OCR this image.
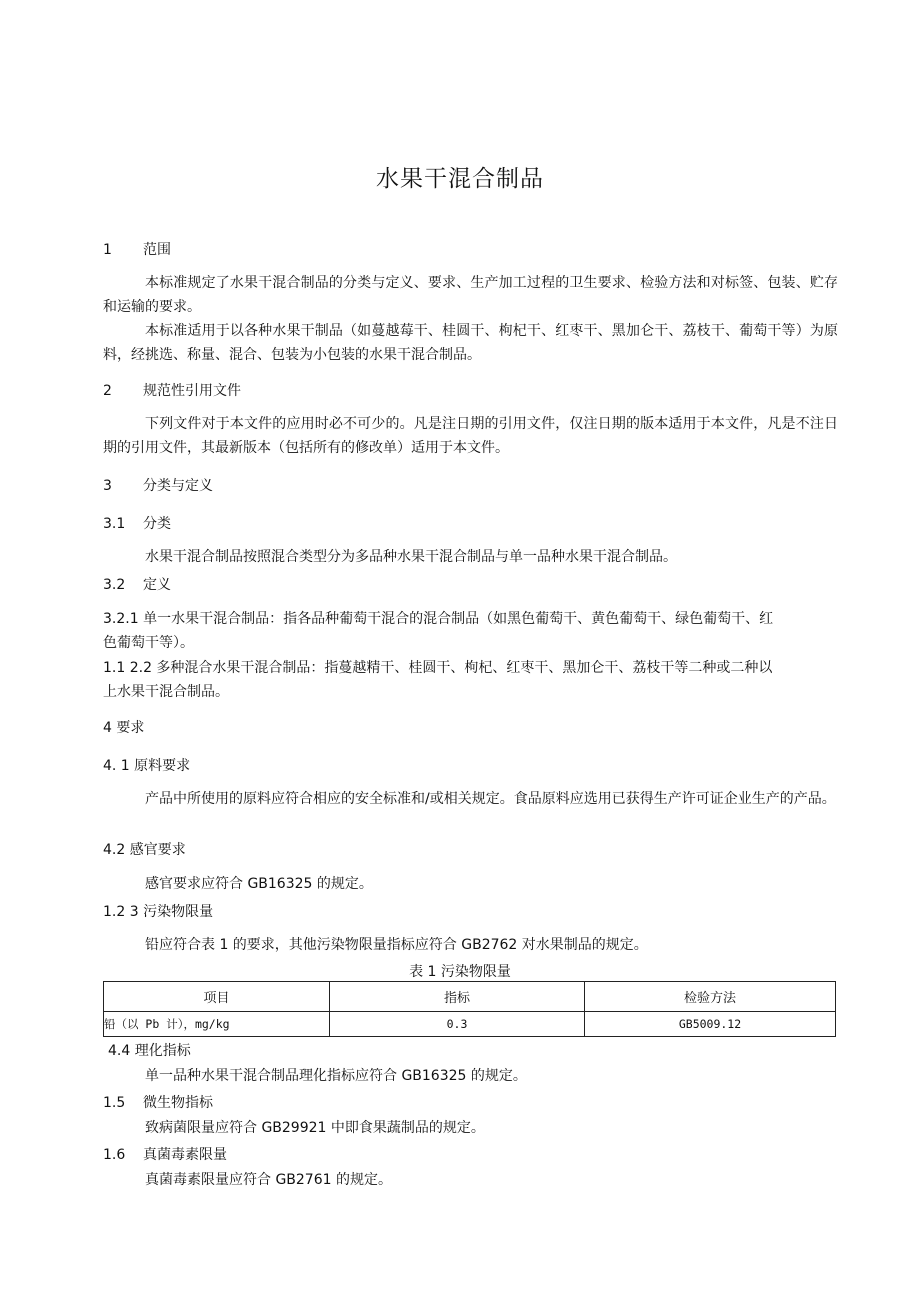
水果干混合制品
1 范围
本标准规定了水果干混合制品的分类与定义、要求、生产加工过程的卫生要求、检验方法和对标签、包装、贮存和运输的要求。
本标准适用于以各种水果干制品（如蔓越莓干、桂圆干、枸杞干、红枣干、黑加仑干、荔枝干、葡萄干等）为原料，经挑选、称量、混合、包装为小包装的水果干混合制品。
2 规范性引用文件
下列文件对于本文件的应用时必不可少的。凡是注日期的引用文件，仅注日期的版本适用于本文件，凡是不注日期的引用文件，其最新版本（包括所有的修改单）适用于本文件。
3 分类与定义
3.1 分类
水果干混合制品按照混合类型分为多品种水果干混合制品与单一品种水果干混合制品。
3.2 定义
3.2.1 单一水果干混合制品：指各品种葡萄干混合的混合制品（如黑色葡萄干、黄色葡萄干、绿色葡萄干、红
色葡萄干等）。
1.1 2.2 多种混合水果干混合制品：指蔓越精干、桂圆干、枸杞、红枣干、黑加仑干、荔枝干等二种或二种以
上水果干混合制品。
4 要求
4. 1 原料要求
产品中所使用的原料应符合相应的安全标准和/或相关规定。食品原料应选用已获得生产许可证企业生产的产品。
4.2 感官要求
感官要求应符合 GB16325 的规定。
1.2 3 污染物限量
铅应符合表 1 的要求，其他污染物限量指标应符合 GB2762 对水果制品的规定。
表 1 污染物限量
项目	指标	检验方法
铅（以 Pb 计），mg/kg	0.3	GB5009.12
4.4 理化指标
单一品种水果干混合制品理化指标应符合 GB16325 的规定。
1.5 微生物指标
致病菌限量应符合 GB29921 中即食果蔬制品的规定。
1.6 真菌毒素限量
真菌毒素限量应符合 GB2761 的规定。
